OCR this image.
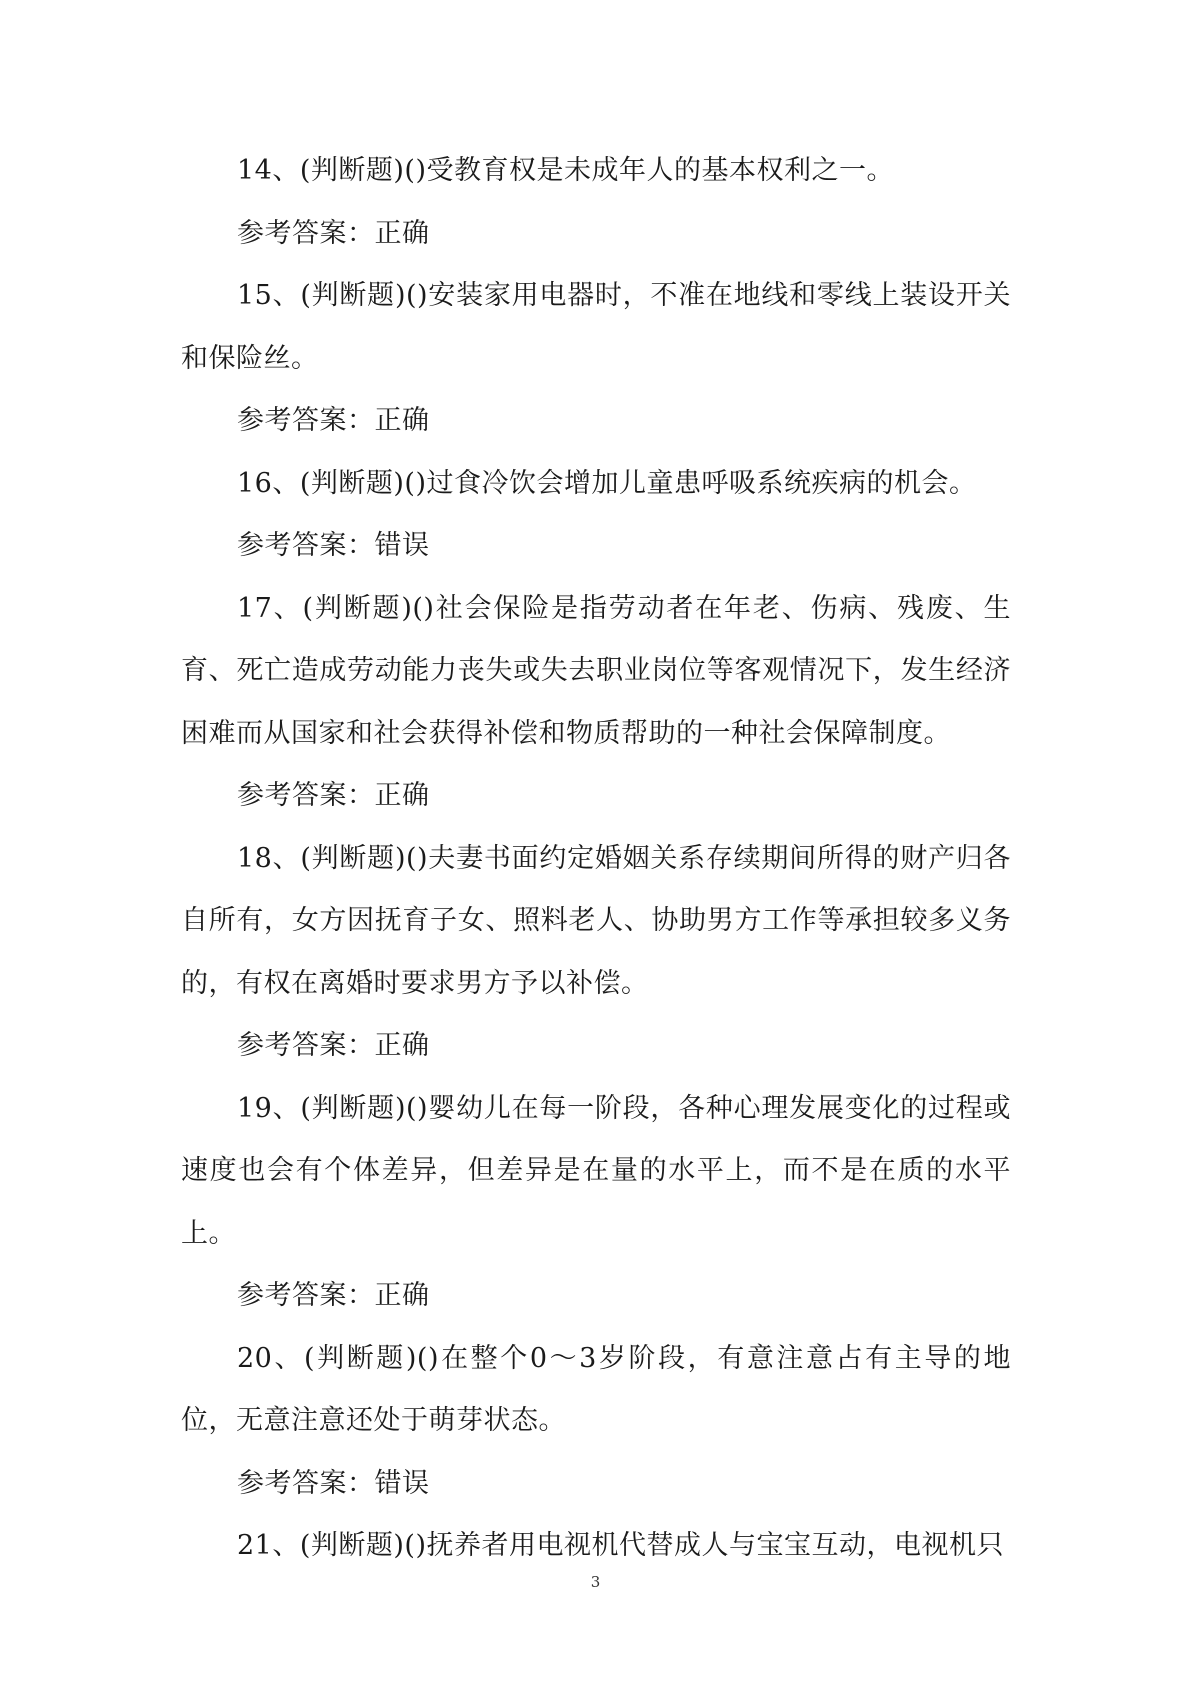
14、(判断题)()受教育权是未成年人的基本权利之一。

参考答案：正确

15、(判断题)()安装家用电器时，不准在地线和零线上装设开关和保险丝。

参考答案：正确

16、(判断题)()过食冷饮会增加儿童患呼吸系统疾病的机会。

参考答案：错误

17、(判断题)()社会保险是指劳动者在年老、伤病、残废、生育、死亡造成劳动能力丧失或失去职业岗位等客观情况下，发生经济困难而从国家和社会获得补偿和物质帮助的一种社会保障制度。

参考答案：正确

18、(判断题)()夫妻书面约定婚姻关系存续期间所得的财产归各自所有，女方因抚育子女、照料老人、协助男方工作等承担较多义务的，有权在离婚时要求男方予以补偿。

参考答案：正确

19、(判断题)()婴幼儿在每一阶段，各种心理发展变化的过程或速度也会有个体差异，但差异是在量的水平上，而不是在质的水平上。

参考答案：正确

20、(判断题)()在整个0～3岁阶段，有意注意占有主导的地位，无意注意还处于萌芽状态。

参考答案：错误

21、(判断题)()抚养者用电视机代替成人与宝宝互动，电视机只

3
